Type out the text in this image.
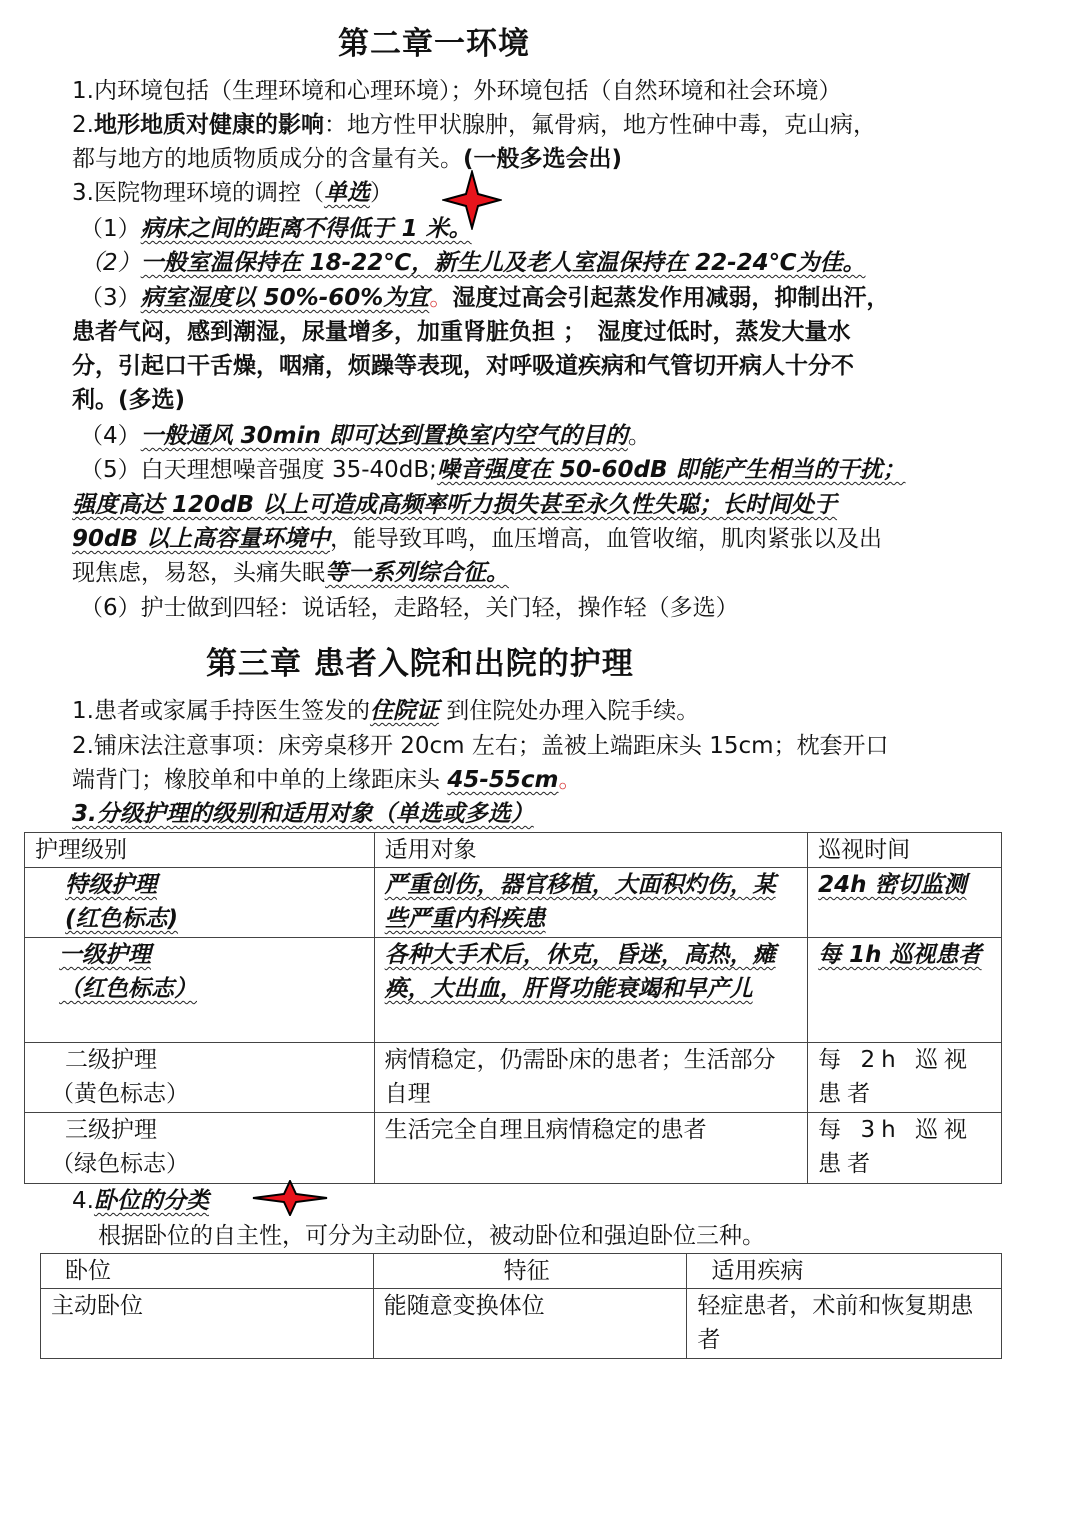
第二章一环境
1.内环境包括（生理环境和心理环境）；外环境包括（自然环境和社会环境）
2.地形地质对健康的影响：地方性甲状腺肿，氟骨病，地方性砷中毒，克山病，
都与地方的地质物质成分的含量有关。(一般多选会出)
3.医院物理环境的调控（单选）
（1）病床之间的距离不得低于 1 米。
（2）一般室温保持在 18-22℃，新生儿及老人室温保持在 22-24℃为佳。
（3）病室湿度以 50%-60%为宜。湿度过高会引起蒸发作用减弱，抑制出汗，
患者气闷，感到潮湿，尿量增多，加重肾脏负担 ；　湿度过低时，蒸发大量水
分，引起口干舌燥，咽痛，烦躁等表现，对呼吸道疾病和气管切开病人十分不
利。(多选)
（4）一般通风 30min 即可达到置换室内空气的目的。
（5）白天理想噪音强度 35-40dB;噪音强度在 50-60dB 即能产生相当的干扰；
强度高达 120dB 以上可造成高频率听力损失甚至永久性失聪；长时间处于
90dB 以上高容量环境中，能导致耳鸣，血压增高，血管收缩，肌肉紧张以及出
现焦虑，易怒，头痛失眠等一系列综合征。
（6）护士做到四轻：说话轻，走路轻，关门轻，操作轻（多选）
第三章 患者入院和出院的护理
1.患者或家属手持医生签发的住院证 到住院处办理入院手续。
2.铺床法注意事项：床旁桌移开 20cm 左右；盖被上端距床头 15cm；枕套开口
端背门；橡胶单和中单的上缘距床头 45-55cm。
3.分级护理的级别和适用对象（单选或多选）
护理级别	适用对象	巡视时间

特级护理
(红色标志)	严重创伤，器官移植，大面积灼伤，某些严重内科疾患	24h 密切监测

一级护理
（红色标志）	各种大手术后，休克，昏迷，高热，瘫痪，大出血，肝肾功能衰竭和早产儿	每 1h 巡视患者

二级护理
（黄色标志）	病情稳定，仍需卧床的患者；生活部分自理	每 2h 巡视患者

三级护理
（绿色标志）	生活完全自理且病情稳定的患者	每 3h 巡视患者
4.卧位的分类
根据卧位的自主性，可分为主动卧位，被动卧位和强迫卧位三种。
卧位	特征	适用疾病
主动卧位	能随意变换体位	轻症患者，术前和恢复期患者
